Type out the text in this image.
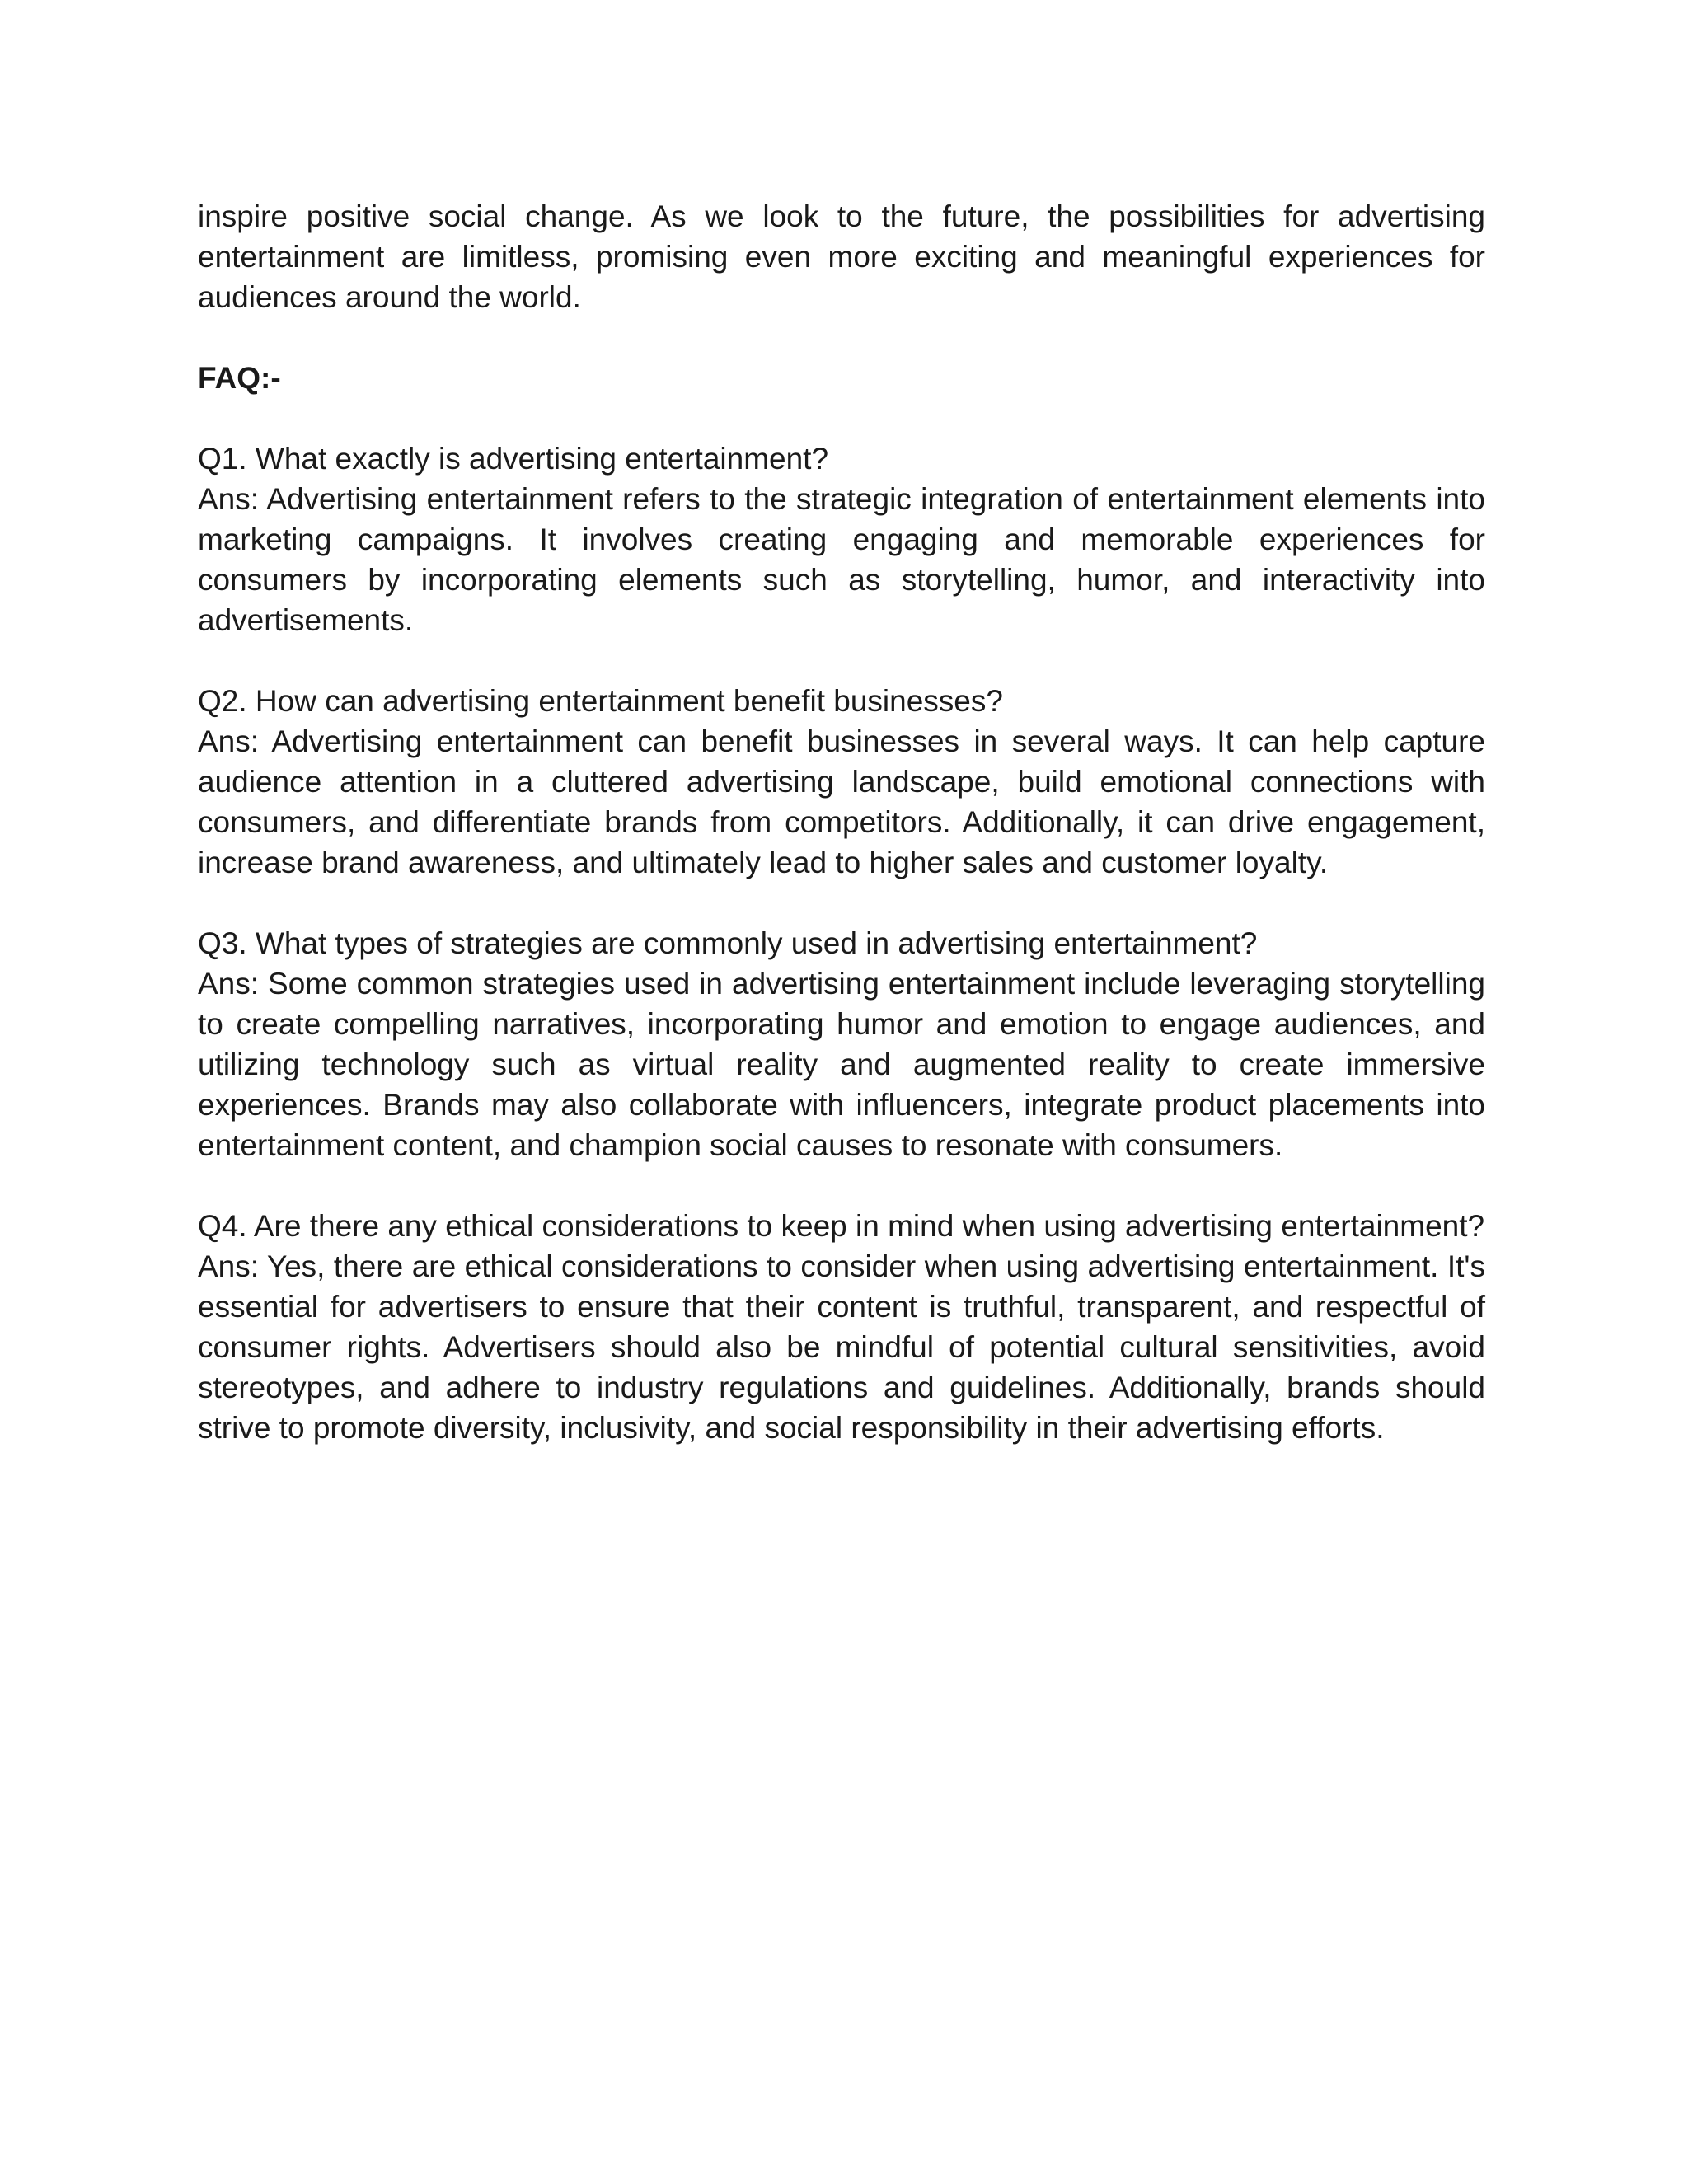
inspire positive social change. As we look to the future, the possibilities for advertising entertainment are limitless, promising even more exciting and meaningful experiences for audiences around the world.

FAQ:-

Q1. What exactly is advertising entertainment?

Ans: Advertising entertainment refers to the strategic integration of entertainment elements into marketing campaigns. It involves creating engaging and memorable experiences for consumers by incorporating elements such as storytelling, humor, and interactivity into advertisements.

Q2. How can advertising entertainment benefit businesses?

Ans: Advertising entertainment can benefit businesses in several ways. It can help capture audience attention in a cluttered advertising landscape, build emotional connections with consumers, and differentiate brands from competitors. Additionally, it can drive engagement, increase brand awareness, and ultimately lead to higher sales and customer loyalty.

Q3. What types of strategies are commonly used in advertising entertainment?

Ans: Some common strategies used in advertising entertainment include leveraging storytelling to create compelling narratives, incorporating humor and emotion to engage audiences, and utilizing technology such as virtual reality and augmented reality to create immersive experiences. Brands may also collaborate with influencers, integrate product placements into entertainment content, and champion social causes to resonate with consumers.

Q4. Are there any ethical considerations to keep in mind when using advertising entertainment?

Ans: Yes, there are ethical considerations to consider when using advertising entertainment. It's essential for advertisers to ensure that their content is truthful, transparent, and respectful of consumer rights. Advertisers should also be mindful of potential cultural sensitivities, avoid stereotypes, and adhere to industry regulations and guidelines. Additionally, brands should strive to promote diversity, inclusivity, and social responsibility in their advertising efforts.
